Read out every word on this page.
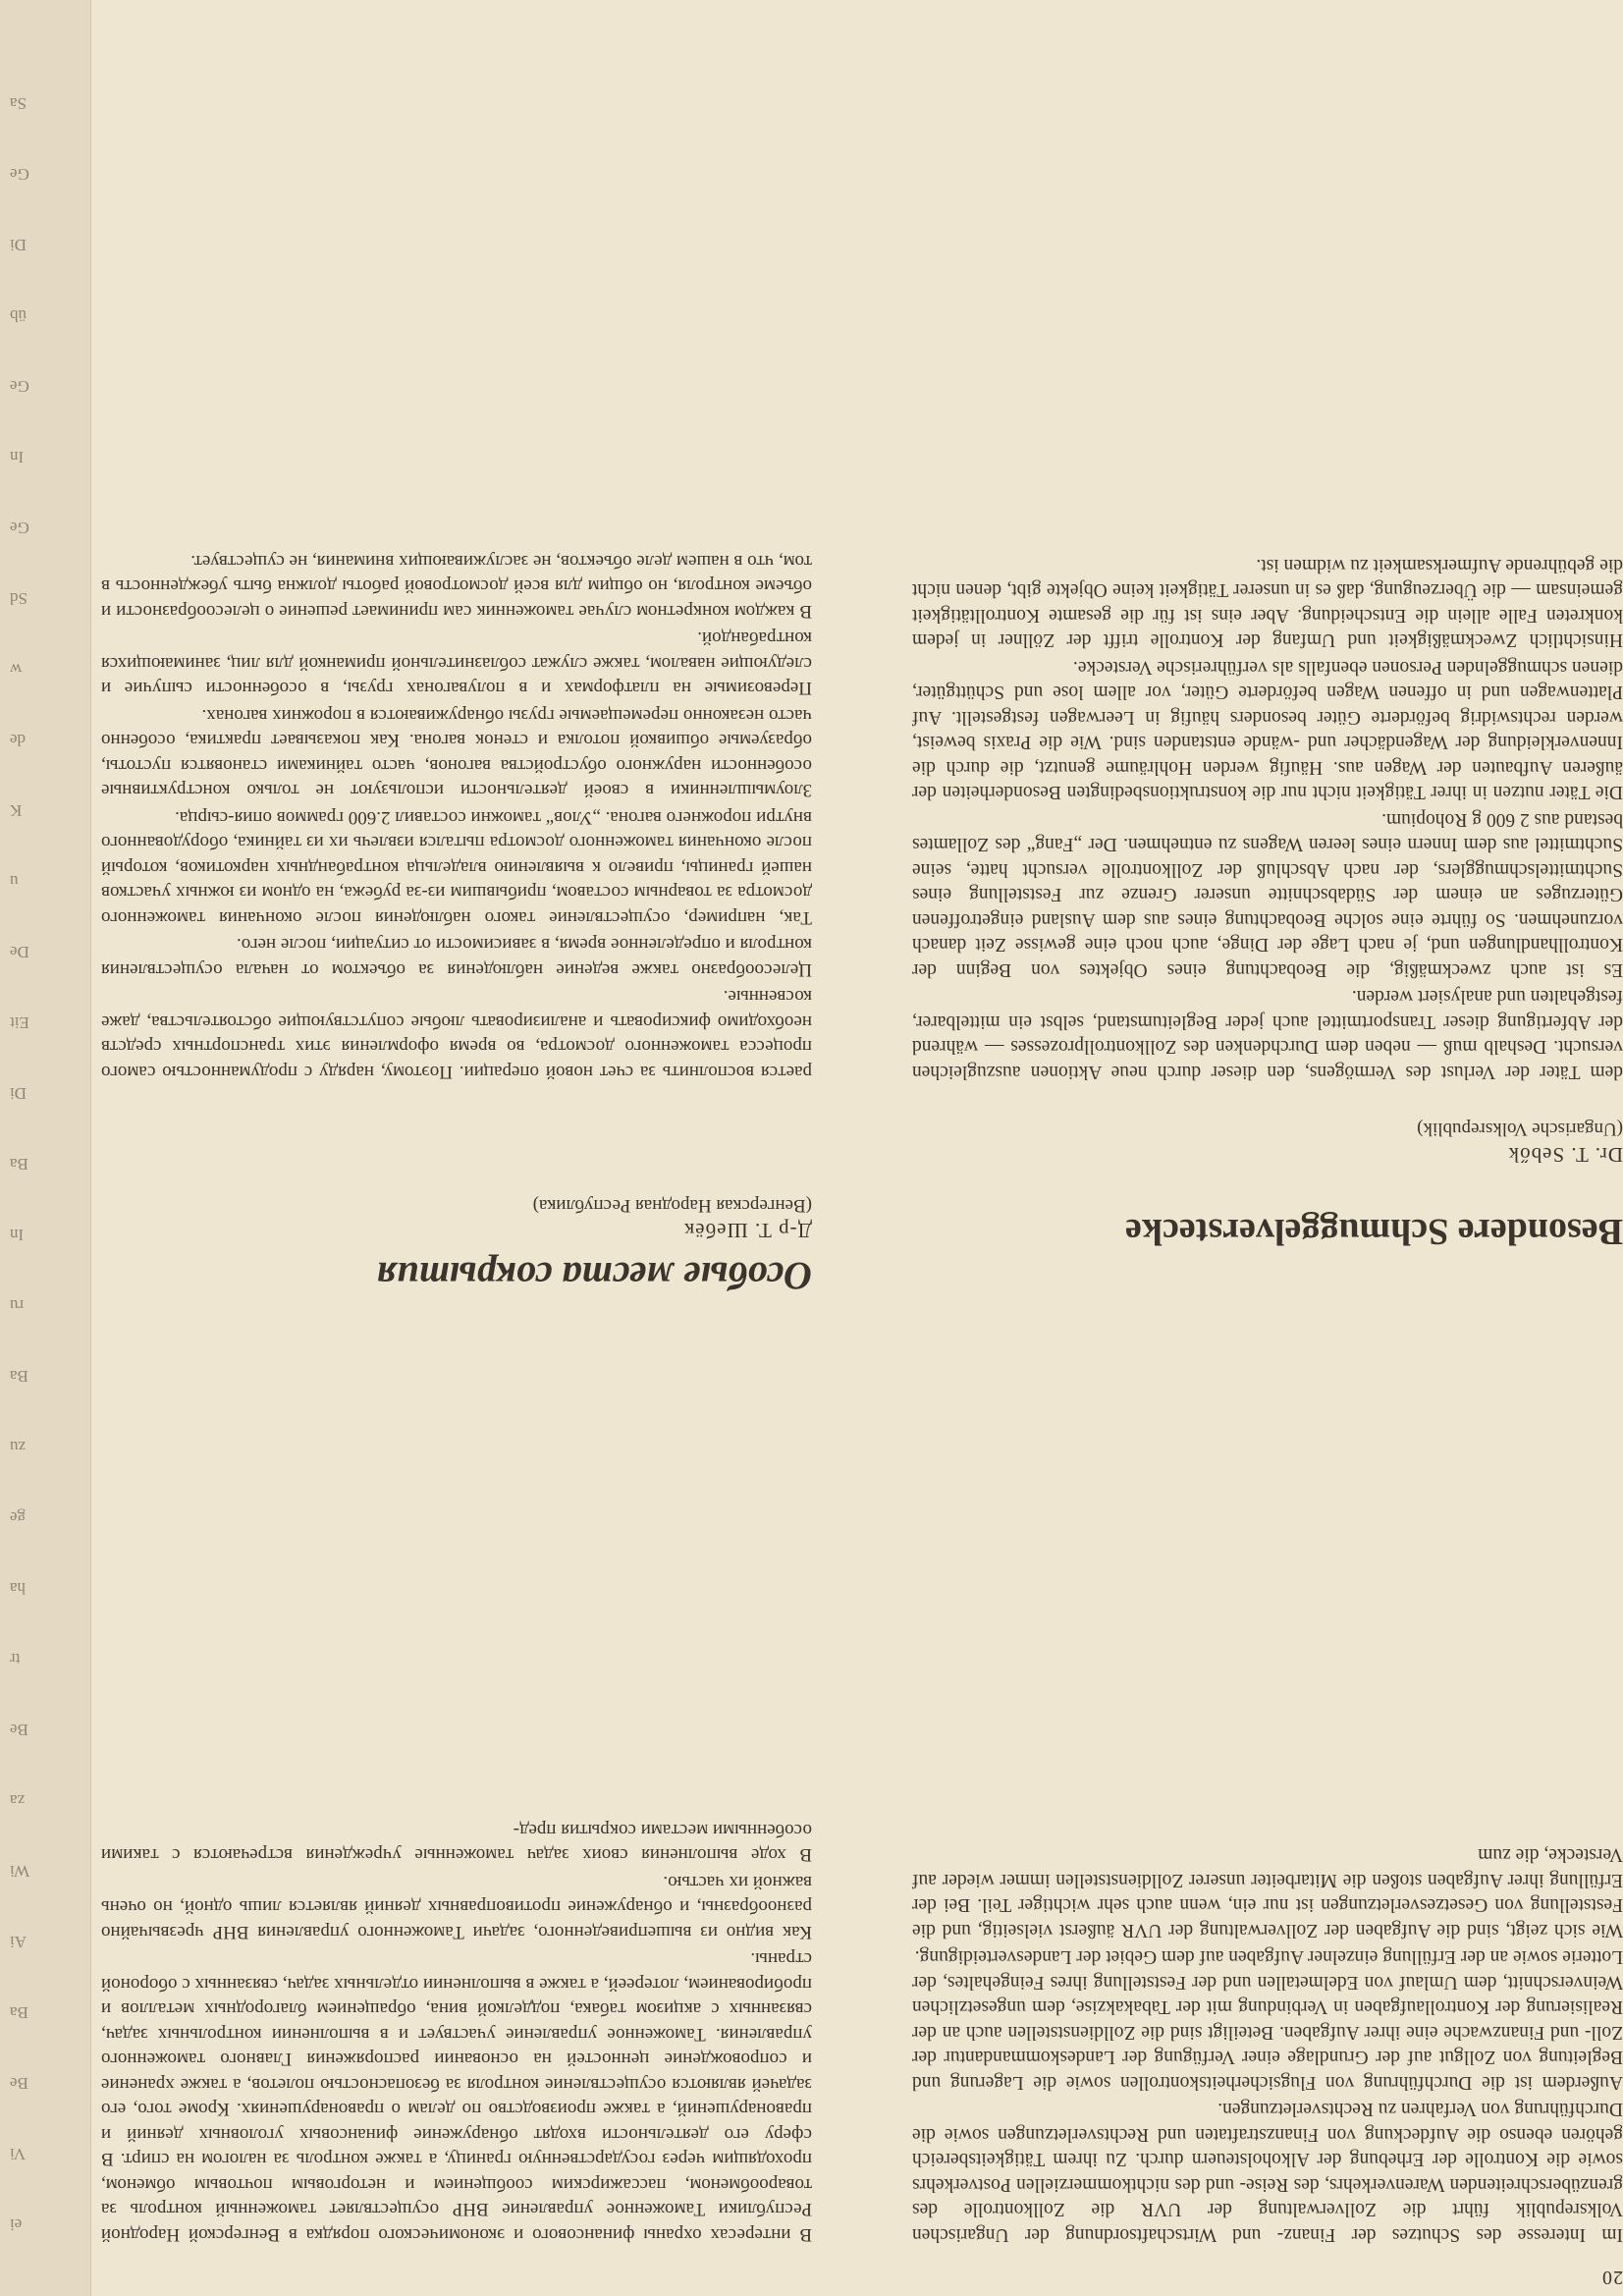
Sa
Ge
Di
üb
Ge
In
Ge
Sd
w
de
K
u
De
Eit
Di
Ba
In
ru
Ba
zu
ge
ha
tr
Be
za
Wi
Ai
Ba
Be
Vi
ei
20

Im Interesse des Schutzes der Finanz- und Wirtschaftsordnung der Ungarischen Volksrepublik führt die Zollverwaltung der UVR die Zollkontrolle des grenzüberschreitenden Warenverkehrs, des Reise- und des nichtkommerziellen Postverkehrs sowie die Kontrolle der Erhebung der Alkoholsteuern durch. Zu ihrem Tätigkeitsbereich gehören ebenso die Aufdeckung von Finanzstraftaten und Rechtsverletzungen sowie die Durchführung von Verfahren zu Rechtsverletzungen.

Außerdem ist die Durchführung von Flugsicherheitskontrollen sowie die Lagerung und Begleitung von Zollgut auf der Grundlage einer Verfügung der Landeskommandantur der Zoll- und Finanzwache eine ihrer Aufgaben. Beteiligt sind die Zolldienststellen auch an der Realisierung der Kontrollaufgaben in Verbindung mit der Tabakakzise, dem ungesetzlichen Weinverschnitt, dem Umlauf von Edelmetallen und der Feststellung ihres Feingehaltes, der Lotterie sowie an der Erfüllung einzelner Aufgaben auf dem Gebiet der Landesverteidigung.

Wie sich zeigt, sind die Aufgaben der Zollverwaltung der UVR äußerst vielseitig, und die Feststellung von Gesetzesverletzungen ist nur ein, wenn auch sehr wichtiger Teil. Bei der Erfüllung ihrer Aufgaben stoßen die Mitarbeiter unserer Zolldienststellen immer wieder auf Verstecke, die zum

Besondere Schmuggelverstecke
Dr. T. Sebők
(Ungarische Volksrepublik)

dem Täter der Verlust des Vermögens, den dieser durch neue Aktionen auszugleichen versucht. Deshalb muß — neben dem Durchdenken des Zollkontrollprozesses — während der Abfertigung dieser Transportmittel auch jeder Begleitumstand, selbst ein mittelbarer, festgehalten und analysiert werden.

Es ist auch zweckmäßig, die Beobachtung eines Objektes von Beginn der Kontrollhandlungen und, je nach Lage der Dinge, auch noch eine gewisse Zeit danach vorzunehmen. So führte eine solche Beobachtung eines aus dem Ausland eingetroffenen Güterzuges an einem der Südabschnitte unserer Grenze zur Feststellung eines Suchtmittelschmugglers, der nach Abschluß der Zollkontrolle versucht hatte, seine Suchtmittel aus dem Innern eines leeren Wagens zu entnehmen. Der „Fang“ des Zollamtes bestand aus 2 600 g Rohopium.

Die Täter nutzen in ihrer Tätigkeit nicht nur die konstruktionsbedingten Besonderheiten der äußeren Aufbauten der Wagen aus. Häufig werden Hohlräume genutzt, die durch die Innenverkleidung der Wagendächer und -wände entstanden sind. Wie die Praxis beweist, werden rechtswidrig beförderte Güter besonders häufig in Leerwagen festgestellt. Auf Plattenwagen und in offenen Wagen beförderte Güter, vor allem lose und Schüttgüter, dienen schmuggelnden Personen ebenfalls als verführerische Verstecke.

Hinsichtlich Zweckmäßigkeit und Umfang der Kontrolle trifft der Zöllner in jedem konkreten Falle allein die Entscheidung. Aber eins ist für die gesamte Kontrolltätigkeit gemeinsam — die Überzeugung, daß es in unserer Tätigkeit keine Objekte gibt, denen nicht die gebührende Aufmerksamkeit zu widmen ist.

В интересах охраны финансового и экономического порядка в Венгерской Народной Республики Таможенное управление ВНР осуществляет таможенный контроль за товарообменом, пассажирским сообщением и неторговым почтовым обменом, проходящим через государственную границу, а также контроль за налогом на спирт. В сферу его деятельности входят обнаружение финансовых уголовных деяний и правонарушений, а также производство по делам о правонарушениях. Кроме того, его задачей являются осуществление контроля за безопасностью полетов, а также хранение и сопровождение ценностей на основании распоряжения Главного таможенного управления. Таможенное управление участвует и в выполнении контрольных задач, связанных с акцизом табака, подделкой вина, обращением благородных металлов и пробированием, лотереей, а также в выполнении отдельных задач, связанных с обороной страны.

Как видно из вышеприведенного, задачи Таможенного управления ВНР чрезвычайно разнообразны, и обнаружение противоправных деяний является лишь одной, но очень важной их частью.

В ходе выполнения своих задач таможенные учреждения встречаются с такими особенными местами сокрытия пред-

Особые места сокрытия
Д-р Т. Шебёк
(Венгерская Народная Республика)

рается восполнить за счет новой операции. Поэтому, наряду с продуманностью самого процесса таможенного досмотра, во время оформления этих транспортных средств необходимо фиксировать и анализировать любые сопутствующие обстоятельства, даже косвенные.

Целесообразно также ведение наблюдения за объектом от начала осуществления контроля и определенное время, в зависимости от ситуации, после него.

Так, например, осуществление такого наблюдения после окончания таможенного досмотра за товарным составом, прибывшим из-за рубежа, на одном из южных участков нашей границы, привело к выявлению владельца контрабандных наркотиков, который после окончания таможенного досмотра пытался извлечь их из тайника, оборудованного внутри порожнего вагона. „Улов“ таможни составил 2.600 граммов опия-сырца.

Злоумышленники в своей деятельности используют не только конструктивные особенности наружного обустройства вагонов, часто тайниками становятся пустоты, образуемые обшивкой потолка и стенок вагона. Как показывает практика, особенно часто незаконно перемещаемые грузы обнаруживаются в порожних вагонах.

Перевозимые на платформах и в полувагонах грузы, в особенности сыпучие и следующие навалом, также служат соблазнительной приманкой для лиц, занимающихся контрабандой.

В каждом конкретном случае таможенник сам принимает решение о целесообразности и объеме контроля, но общим для всей досмотровой работы должна быть убежденность в том, что в нашем деле объектов, не заслуживающих внимания, не существует.
